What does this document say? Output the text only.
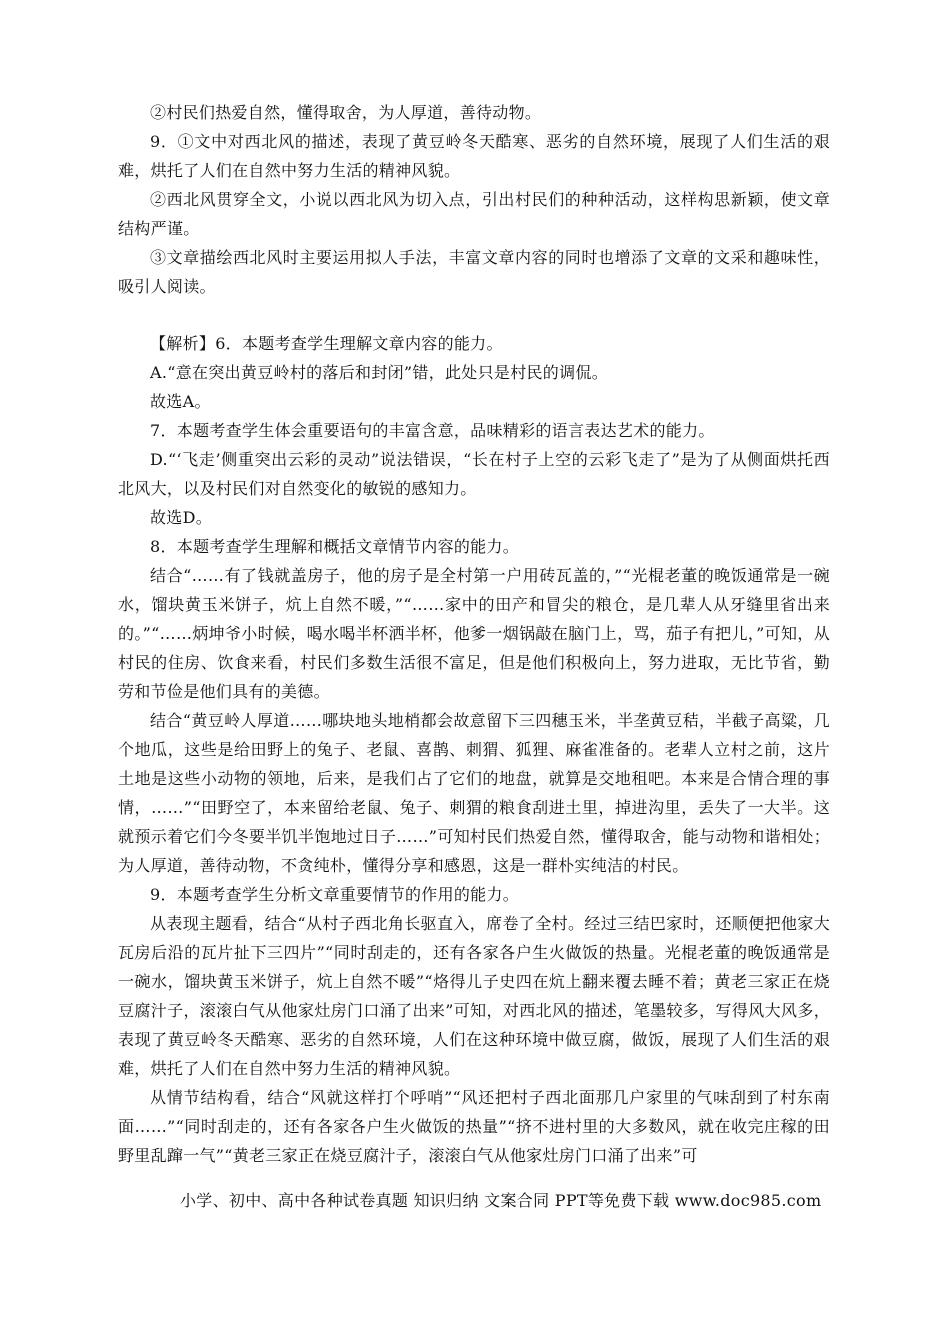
②村民们热爱自然，懂得取舍，为人厚道，善待动物。

9．①文中对西北风的描述，表现了黄豆岭冬天酷寒、恶劣的自然环境，展现了人们生活的艰难，烘托了人们在自然中努力生活的精神风貌。

②西北风贯穿全文，小说以西北风为切入点，引出村民们的种种活动，这样构思新颖，使文章结构严谨。

③文章描绘西北风时主要运用拟人手法，丰富文章内容的同时也增添了文章的文采和趣味性，吸引人阅读。

【解析】6．本题考查学生理解文章内容的能力。

A.“意在突出黄豆岭村的落后和封闭”错，此处只是村民的调侃。

故选A。

7．本题考查学生体会重要语句的丰富含意，品味精彩的语言表达艺术的能力。

D.“‘飞走’侧重突出云彩的灵动”说法错误，“长在村子上空的云彩飞走了”是为了从侧面烘托西北风大，以及村民们对自然变化的敏锐的感知力。

故选D。

8．本题考查学生理解和概括文章情节内容的能力。

结合“……有了钱就盖房子，他的房子是全村第一户用砖瓦盖的，”“光棍老董的晚饭通常是一碗水，馏块黄玉米饼子，炕上自然不暖，”“……家中的田产和冒尖的粮仓，是几辈人从牙缝里省出来的。”“……炳坤爷小时候，喝水喝半杯洒半杯，他爹一烟锅敲在脑门上，骂，茄子有把儿，”可知，从村民的住房、饮食来看，村民们多数生活很不富足，但是他们积极向上，努力进取，无比节省，勤劳和节俭是他们具有的美德。

结合“黄豆岭人厚道……哪块地头地梢都会故意留下三四穗玉米，半垄黄豆秸，半截子高粱，几个地瓜，这些是给田野上的兔子、老鼠、喜鹊、刺猬、狐狸、麻雀准备的。老辈人立村之前，这片土地是这些小动物的领地，后来，是我们占了它们的地盘，就算是交地租吧。本来是合情合理的事情，……”“田野空了，本来留给老鼠、兔子、刺猬的粮食刮进土里，掉进沟里，丢失了一大半。这就预示着它们今冬要半饥半饱地过日子……”可知村民们热爱自然，懂得取舍，能与动物和谐相处；为人厚道，善待动物，不贪纯朴，懂得分享和感恩，这是一群朴实纯洁的村民。

9．本题考查学生分析文章重要情节的作用的能力。

从表现主题看，结合“从村子西北角长驱直入，席卷了全村。经过三结巴家时，还顺便把他家大瓦房后沿的瓦片扯下三四片”“同时刮走的，还有各家各户生火做饭的热量。光棍老董的晚饭通常是一碗水，馏块黄玉米饼子，炕上自然不暖”“烙得儿子史四在炕上翻来覆去睡不着；黄老三家正在烧豆腐汁子，滚滚白气从他家灶房门口涌了出来”可知，对西北风的描述，笔墨较多，写得风大风多，表现了黄豆岭冬天酷寒、恶劣的自然环境，人们在这种环境中做豆腐，做饭，展现了人们生活的艰难，烘托了人们在自然中努力生活的精神风貌。

从情节结构看，结合“风就这样打个呼哨”“风还把村子西北面那几户家里的气味刮到了村东南面……”“同时刮走的，还有各家各户生火做饭的热量”“挤不进村里的大多数风，就在收完庄稼的田野里乱蹿一气”“黄老三家正在烧豆腐汁子，滚滚白气从他家灶房门口涌了出来”可

小学、初中、高中各种试卷真题 知识归纳 文案合同 PPT等免费下载 www.doc985.com
